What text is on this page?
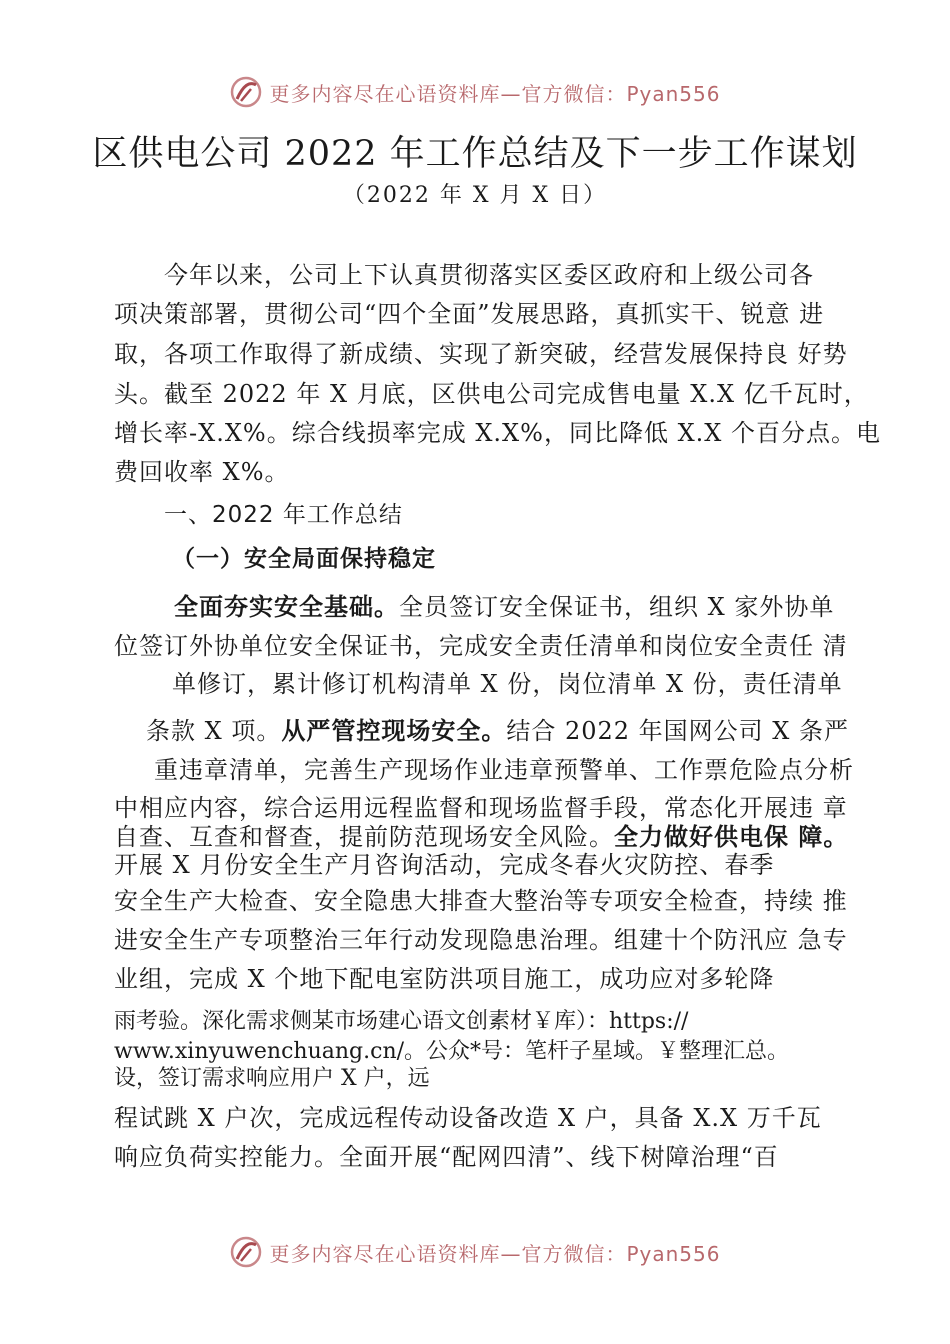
更多内容尽在心语资料库—官方微信：Pyan556
区供电公司 2022 年工作总结及下一步工作谋划
（2022 年 X 月 X 日）
今年以来，公司上下认真贯彻落实区委区政府和上级公司各
项决策部署，贯彻公司“四个全面”发展思路，真抓实干、锐意 进
取，各项工作取得了新成绩、实现了新突破，经营发展保持良 好势
头。截至 2022 年 X 月底，区供电公司完成售电量 X.X 亿千瓦时，
增长率-X.X%。综合线损率完成 X.X%，同比降低 X.X 个百分点。电
费回收率 X%。
一、2022 年工作总结
（一）安全局面保持稳定
全面夯实安全基础。全员签订安全保证书，组织 X 家外协单
位签订外协单位安全保证书，完成安全责任清单和岗位安全责任 清
单修订，累计修订机构清单 X 份，岗位清单 X 份，责任清单
条款 X 项。从严管控现场安全。结合 2022 年国网公司 X 条严
重违章清单，完善生产现场作业违章预警单、工作票危险点分析
中相应内容，综合运用远程监督和现场监督手段，常态化开展违 章
自查、互查和督查，提前防范现场安全风险。全力做好供电保 障。
开展 X 月份安全生产月咨询活动，完成冬春火灾防控、春季
安全生产大检查、安全隐患大排查大整治等专项安全检查，持续 推
进安全生产专项整治三年行动发现隐患治理。组建十个防汛应 急专
业组，完成 X 个地下配电室防洪项目施工，成功应对多轮降
雨考验。深化需求侧某市场建心语文创素材￥库）：https://
www.xinyuwenchuang.cn/。公众*号：笔杆子星域。￥整理汇总。
设，签订需求响应用户 X 户，远
程试跳 X 户次，完成远程传动设备改造 X 户，具备 X.X 万千瓦
响应负荷实控能力。全面开展“配网四清”、线下树障治理“百
更多内容尽在心语资料库—官方微信：Pyan556
